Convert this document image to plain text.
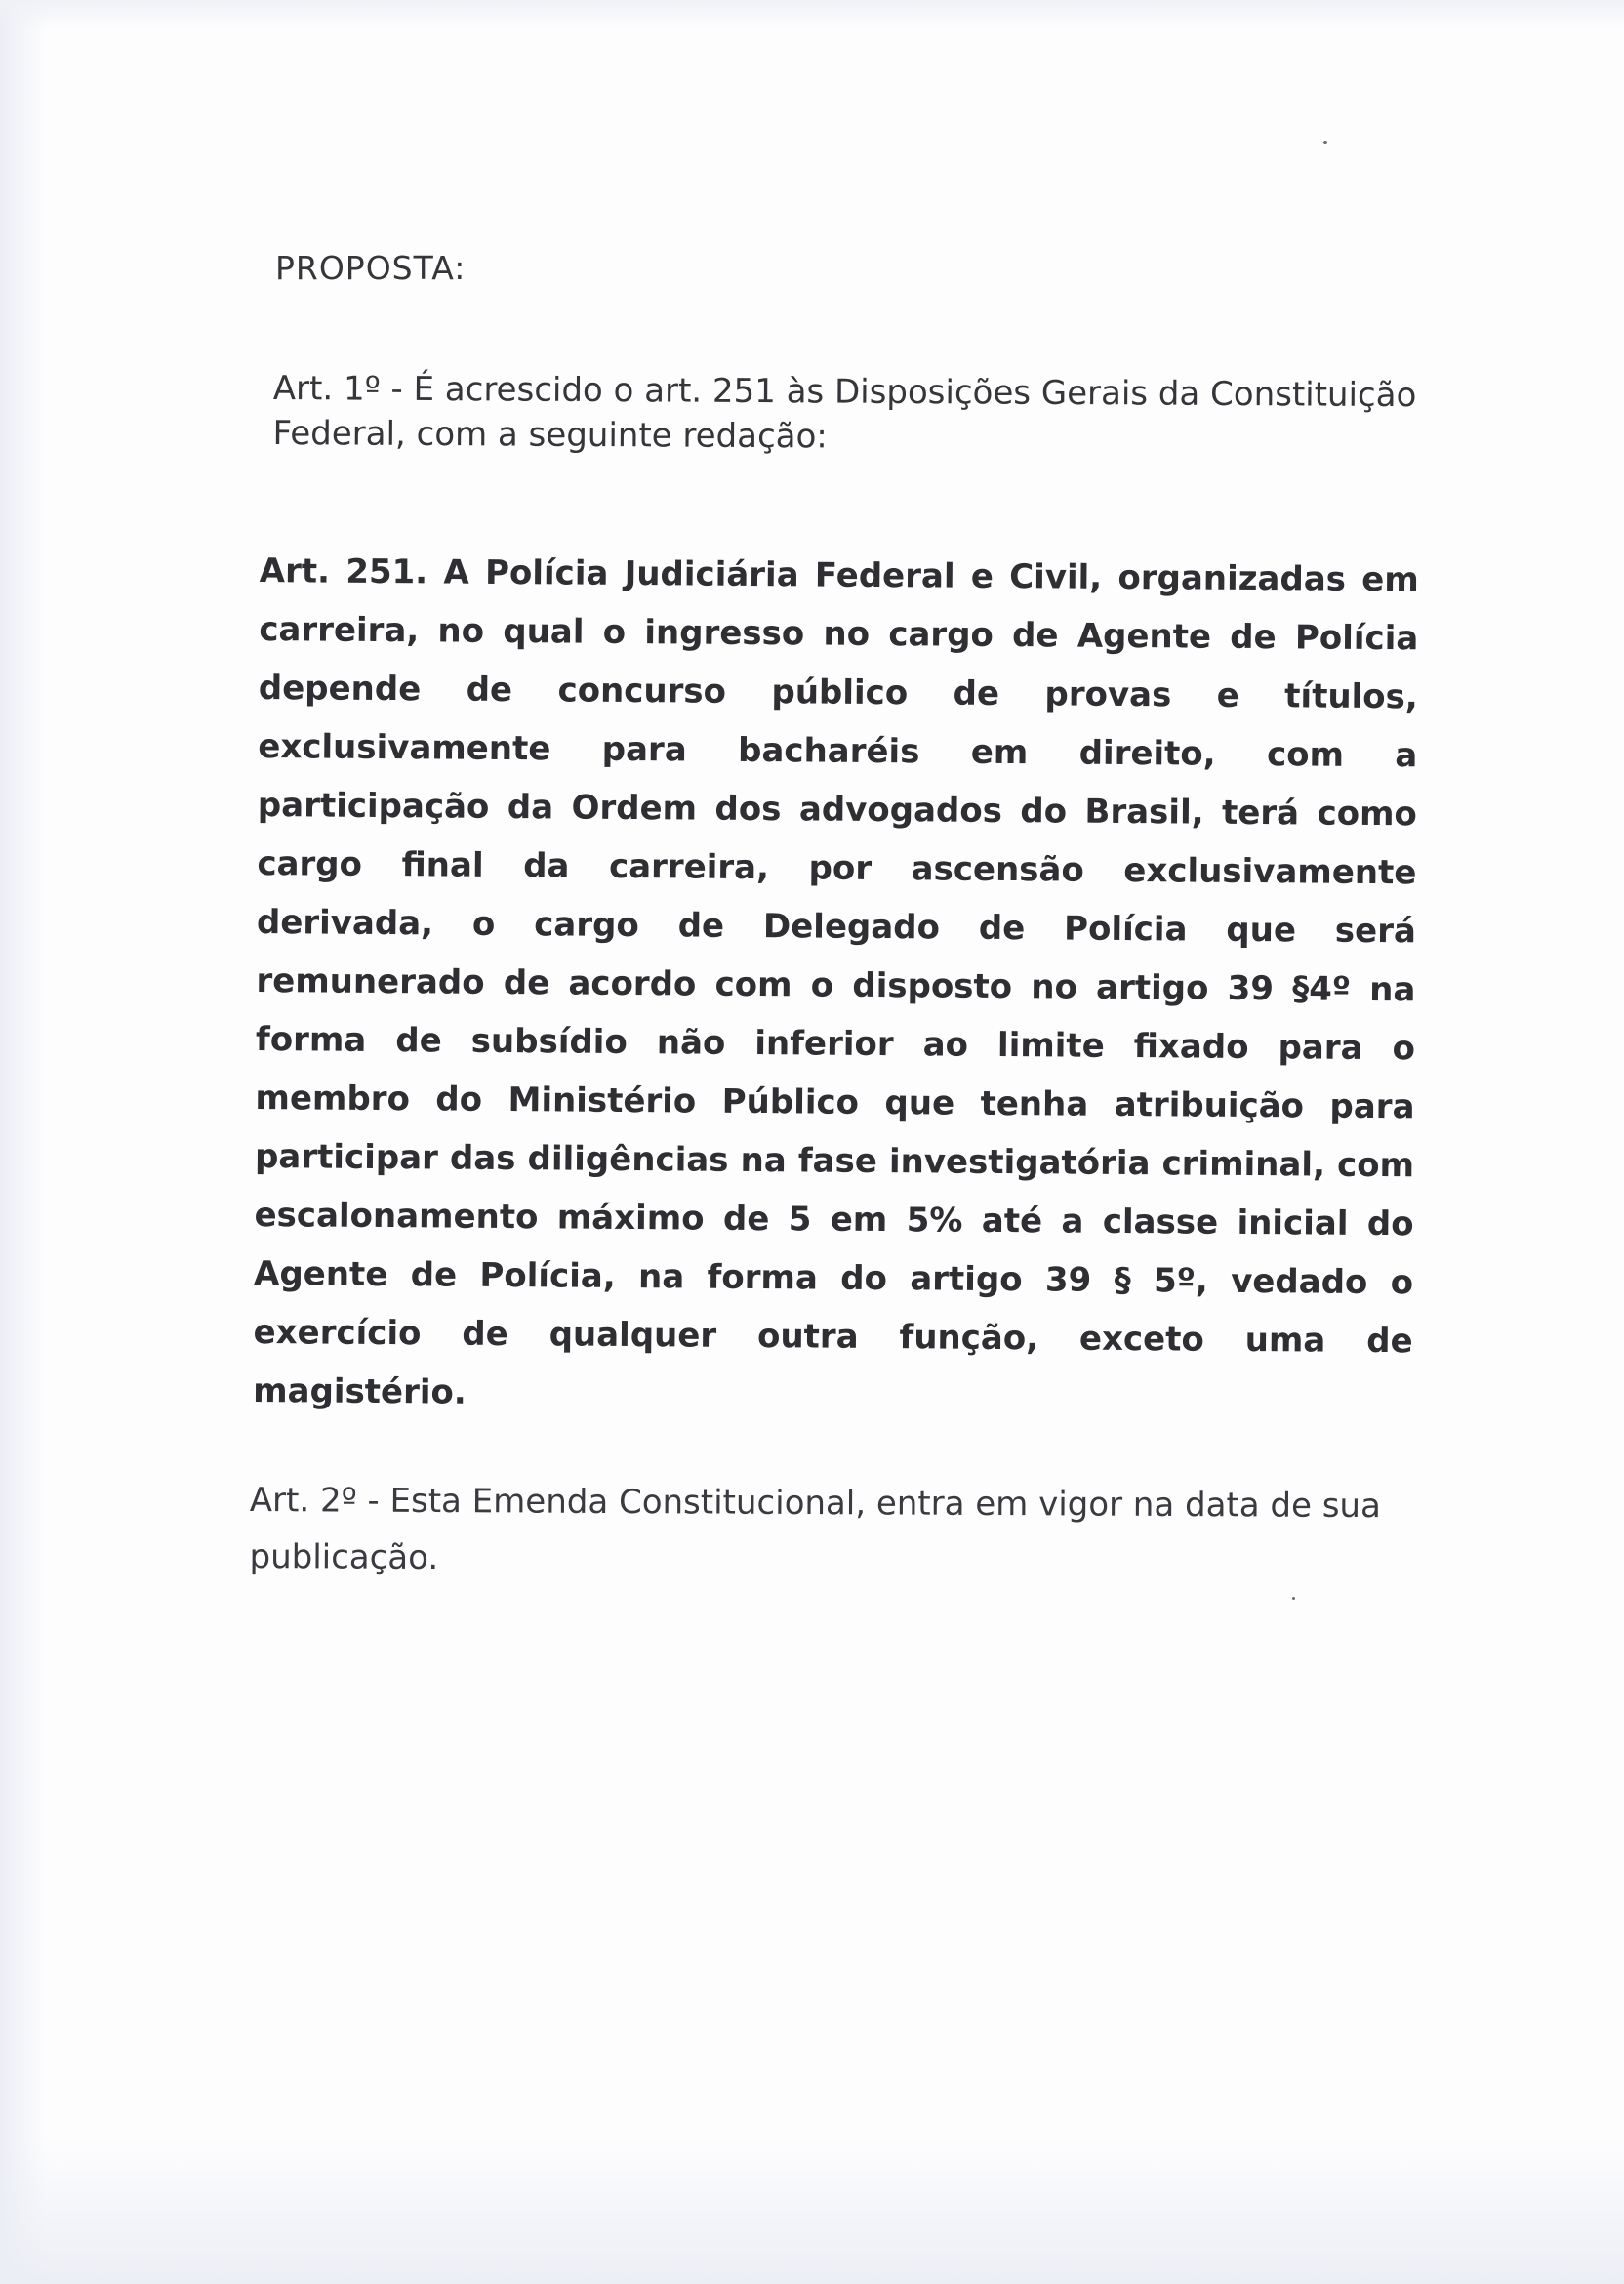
PROPOSTA:

Art. 1º - É acrescido o art. 251 às Disposições Gerais da Constituição Federal, com a seguinte redação:

Art. 251. A Polícia Judiciária Federal e Civil, organizadas em carreira, no qual o ingresso no cargo de Agente de Polícia depende de concurso público de provas e títulos, exclusivamente para bacharéis em direito, com a participação da Ordem dos advogados do Brasil, terá como cargo final da carreira, por ascensão exclusivamente derivada, o cargo de Delegado de Polícia que será remunerado de acordo com o disposto no artigo 39 §4º na forma de subsídio não inferior ao limite fixado para o membro do Ministério Público que tenha atribuição para participar das diligências na fase investigatória criminal, com escalonamento máximo de 5 em 5% até a classe inicial do Agente de Polícia, na forma do artigo 39 § 5º, vedado o exercício de qualquer outra função, exceto uma de magistério.

Art. 2º - Esta Emenda Constitucional, entra em vigor na data de sua publicação.
